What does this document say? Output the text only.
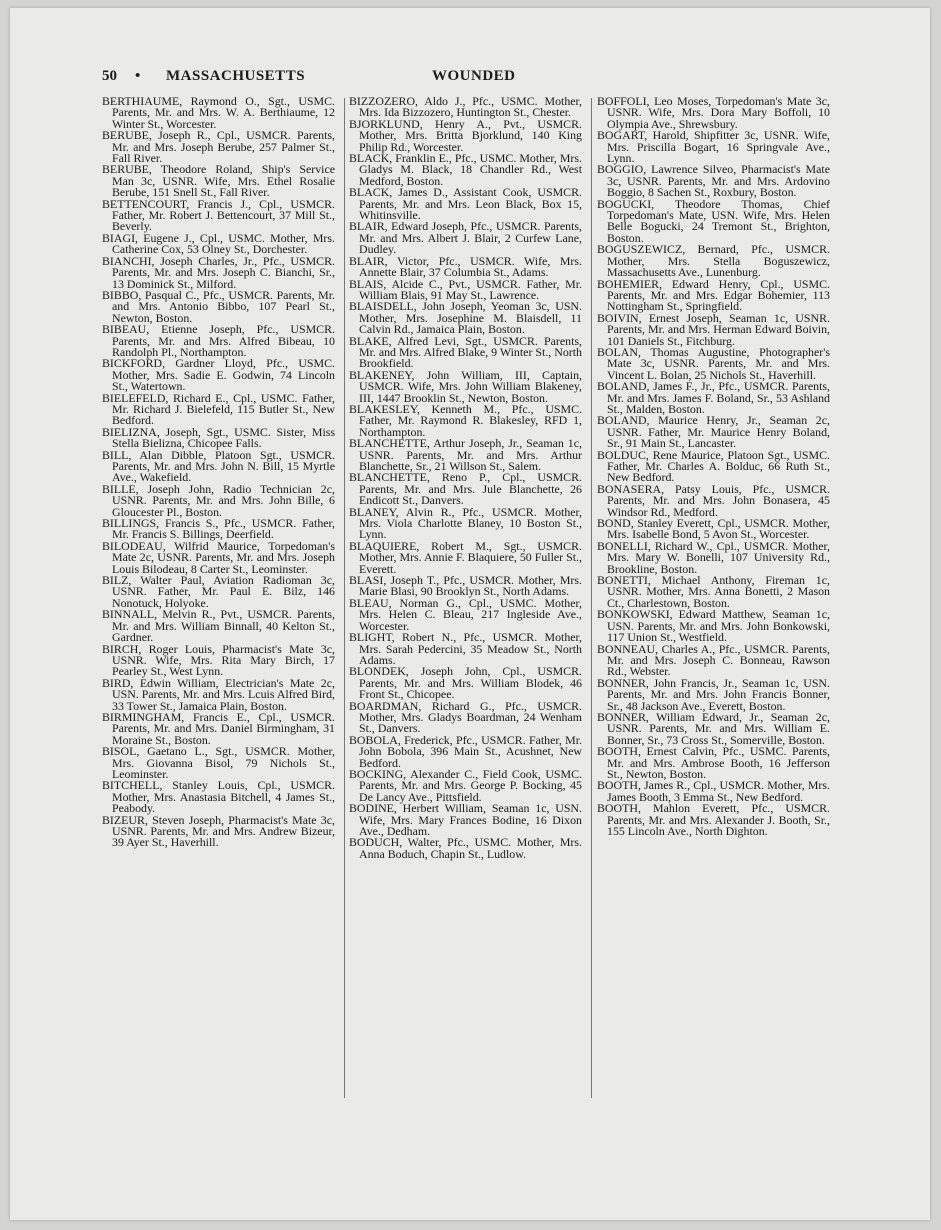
50 • MASSACHUSETTS	WOUNDED
BERTHIAUME, Raymond O., Sgt., USMC. Parents, Mr. and Mrs. W. A. Berthiaume, 12 Winter St., Worcester.
BERUBE, Joseph R., Cpl., USMCR. Parents, Mr. and Mrs. Joseph Berube, 257 Palmer St., Fall River.
BERUBE, Theodore Roland, Ship's Service Man 3c, USNR. Wife, Mrs. Ethel Rosalie Berube, 151 Snell St., Fall River.
BETTENCOURT, Francis J., Cpl., USMCR. Father, Mr. Robert J. Bettencourt, 37 Mill St., Beverly.
BIAGI, Eugene J., Cpl., USMC. Mother, Mrs. Catherine Cox, 53 Olney St., Dorchester.
BIANCHI, Joseph Charles, Jr., Pfc., USMCR. Parents, Mr. and Mrs. Joseph C. Bianchi, Sr., 13 Dominick St., Milford.
BIBBO, Pasqual C., Pfc., USMCR. Parents, Mr. and Mrs. Antonio Bibbo, 107 Pearl St., Newton, Boston.
BIBEAU, Etienne Joseph, Pfc., USMCR. Parents, Mr. and Mrs. Alfred Bibeau, 10 Randolph Pl., Northampton.
BICKFORD, Gardner Lloyd, Pfc., USMC. Mother, Mrs. Sadie E. Godwin, 74 Lincoln St., Watertown.
BIELEFELD, Richard E., Cpl., USMC. Father, Mr. Richard J. Bielefeld, 115 Butler St., New Bedford.
BIELIZNA, Joseph, Sgt., USMC. Sister, Miss Stella Bielizna, Chicopee Falls.
BILL, Alan Dibble, Platoon Sgt., USMCR. Parents, Mr. and Mrs. John N. Bill, 15 Myrtle Ave., Wakefield.
BILLE, Joseph John, Radio Technician 2c, USNR. Parents, Mr. and Mrs. John Bille, 6 Gloucester Pl., Boston.
BILLINGS, Francis S., Pfc., USMCR. Father, Mr. Francis S. Billings, Deerfield.
BILODEAU, Wilfrid Maurice, Torpedoman's Mate 2c, USNR. Parents, Mr. and Mrs. Joseph Louis Bilodeau, 8 Carter St., Leominster.
BILZ, Walter Paul, Aviation Radioman 3c, USNR. Father, Mr. Paul E. Bilz, 146 Nonotuck, Holyoke.
BINNALL, Melvin R., Pvt., USMCR. Parents, Mr. and Mrs. William Binnall, 40 Kelton St., Gardner.
BIRCH, Roger Louis, Pharmacist's Mate 3c, USNR. Wife, Mrs. Rita Mary Birch, 17 Pearley St., West Lynn.
BIRD, Edwin William, Electrician's Mate 2c, USN. Parents, Mr. and Mrs. Lcuis Alfred Bird, 33 Tower St., Jamaica Plain, Boston.
BIRMINGHAM, Francis E., Cpl., USMCR. Parents, Mr. and Mrs. Daniel Birmingham, 31 Moraine St., Boston.
BISOL, Gaetano L., Sgt., USMCR. Mother, Mrs. Giovanna Bisol, 79 Nichols St., Leominster.
BITCHELL, Stanley Louis, Cpl., USMCR. Mother, Mrs. Anastasia Bitchell, 4 James St., Peabody.
BIZEUR, Steven Joseph, Pharmacist's Mate 3c, USNR. Parents, Mr. and Mrs. Andrew Bizeur, 39 Ayer St., Haverhill.
BIZZOZERO, Aldo J., Pfc., USMC. Mother, Mrs. Ida Bizzozero, Huntington St., Chester.
BJORKLUND, Henry A., Pvt., USMCR. Mother, Mrs. Britta Bjorklund, 140 King Philip Rd., Worcester.
BLACK, Franklin E., Pfc., USMC. Mother, Mrs. Gladys M. Black, 18 Chandler Rd., West Medford, Boston.
BLACK, James D., Assistant Cook, USMCR. Parents, Mr. and Mrs. Leon Black, Box 15, Whitinsville.
BLAIR, Edward Joseph, Pfc., USMCR. Parents, Mr. and Mrs. Albert J. Blair, 2 Curfew Lane, Dudley.
BLAIR, Victor, Pfc., USMCR. Wife, Mrs. Annette Blair, 37 Columbia St., Adams.
BLAIS, Alcide C., Pvt., USMCR. Father, Mr. William Blais, 91 May St., Lawrence.
BLAISDELL, John Joseph, Yeoman 3c, USN. Mother, Mrs. Josephine M. Blaisdell, 11 Calvin Rd., Jamaica Plain, Boston.
BLAKE, Alfred Levi, Sgt., USMCR. Parents, Mr. and Mrs. Alfred Blake, 9 Winter St., North Brookfield.
BLAKENEY, John William, III, Captain, USMCR. Wife, Mrs. John William Blakeney, III, 1447 Brooklin St., Newton, Boston.
BLAKESLEY, Kenneth M., Pfc., USMC. Father, Mr. Raymond R. Blakesley, RFD 1, Northampton.
BLANCHETTE, Arthur Joseph, Jr., Seaman 1c, USNR. Parents, Mr. and Mrs. Arthur Blanchette, Sr., 21 Willson St., Salem.
BLANCHETTE, Reno P., Cpl., USMCR. Parents, Mr. and Mrs. Jule Blanchette, 26 Endicott St., Danvers.
BLANEY, Alvin R., Pfc., USMCR. Mother, Mrs. Viola Charlotte Blaney, 10 Boston St., Lynn.
BLAQUIERE, Robert M., Sgt., USMCR. Mother, Mrs. Annie F. Blaquiere, 50 Fuller St., Everett.
BLASI, Joseph T., Pfc., USMCR. Mother, Mrs. Marie Blasi, 90 Brooklyn St., North Adams.
BLEAU, Norman G., Cpl., USMC. Mother, Mrs. Helen C. Bleau, 217 Ingleside Ave., Worcester.
BLIGHT, Robert N., Pfc., USMCR. Mother, Mrs. Sarah Pedercini, 35 Meadow St., North Adams.
BLONDEK, Joseph John, Cpl., USMCR. Parents, Mr. and Mrs. William Blodek, 46 Front St., Chicopee.
BOARDMAN, Richard G., Pfc., USMCR. Mother, Mrs. Gladys Boardman, 24 Wenham St., Danvers.
BOBOLA, Frederick, Pfc., USMCR. Father, Mr. John Bobola, 396 Main St., Acushnet, New Bedford.
BOCKING, Alexander C., Field Cook, USMC. Parents, Mr. and Mrs. George P. Bocking, 45 De Lancy Ave., Pittsfield.
BODINE, Herbert William, Seaman 1c, USN. Wife, Mrs. Mary Frances Bodine, 16 Dixon Ave., Dedham.
BODUCH, Walter, Pfc., USMC. Mother, Mrs. Anna Boduch, Chapin St., Ludlow.
BOFFOLI, Leo Moses, Torpedoman's Mate 3c, USNR. Wife, Mrs. Dora Mary Boffoli, 10 Olympia Ave., Shrewsbury.
BOGART, Harold, Shipfitter 3c, USNR. Wife, Mrs. Priscilla Bogart, 16 Springvale Ave., Lynn.
BOGGIO, Lawrence Silveo, Pharmacist's Mate 3c, USNR. Parents, Mr. and Mrs. Ardovino Boggio, 8 Sachen St., Roxbury, Boston.
BOGUCKI, Theodore Thomas, Chief Torpedoman's Mate, USN. Wife, Mrs. Helen Belle Bogucki, 24 Tremont St., Brighton, Boston.
BOGUSZEWICZ, Bernard, Pfc., USMCR. Mother, Mrs. Stella Boguszewicz, Massachusetts Ave., Lunenburg.
BOHEMIER, Edward Henry, Cpl., USMC. Parents, Mr. and Mrs. Edgar Bohemier, 113 Nottingham St., Springfield.
BOIVIN, Ernest Joseph, Seaman 1c, USNR. Parents, Mr. and Mrs. Herman Edward Boivin, 101 Daniels St., Fitchburg.
BOLAN, Thomas Augustine, Photographer's Mate 3c, USNR. Parents, Mr. and Mrs. Vincent L. Bolan, 25 Nichols St., Haverhill.
BOLAND, James F., Jr., Pfc., USMCR. Parents, Mr. and Mrs. James F. Boland, Sr., 53 Ashland St., Malden, Boston.
BOLAND, Maurice Henry, Jr., Seaman 2c, USNR. Father, Mr. Maurice Henry Boland, Sr., 91 Main St., Lancaster.
BOLDUC, Rene Maurice, Platoon Sgt., USMC. Father, Mr. Charles A. Bolduc, 66 Ruth St., New Bedford.
BONASERA, Patsy Louis, Pfc., USMCR. Parents, Mr. and Mrs. John Bonasera, 45 Windsor Rd., Medford.
BOND, Stanley Everett, Cpl., USMCR. Mother, Mrs. Isabelle Bond, 5 Avon St., Worcester.
BONELLI, Richard W., Cpl., USMCR. Mother, Mrs. Mary W. Bonelli, 107 University Rd., Brookline, Boston.
BONETTI, Michael Anthony, Fireman 1c, USNR. Mother, Mrs. Anna Bonetti, 2 Mason Ct., Charlestown, Boston.
BONKOWSKI, Edward Matthew, Seaman 1c, USN. Parents, Mr. and Mrs. John Bonkowski, 117 Union St., Westfield.
BONNEAU, Charles A., Pfc., USMCR. Parents, Mr. and Mrs. Joseph C. Bonneau, Rawson Rd., Webster.
BONNER, John Francis, Jr., Seaman 1c, USN. Parents, Mr. and Mrs. John Francis Bonner, Sr., 48 Jackson Ave., Everett, Boston.
BONNER, William Edward, Jr., Seaman 2c, USNR. Parents, Mr. and Mrs. William E. Bonner, Sr., 73 Cross St., Somerville, Boston.
BOOTH, Ernest Calvin, Pfc., USMC. Parents, Mr. and Mrs. Ambrose Booth, 16 Jefferson St., Newton, Boston.
BOOTH, James R., Cpl., USMCR. Mother, Mrs. James Booth, 3 Emma St., New Bedford.
BOOTH, Mahlon Everett, Pfc., USMCR. Parents, Mr. and Mrs. Alexander J. Booth, Sr., 155 Lincoln Ave., North Dighton.
